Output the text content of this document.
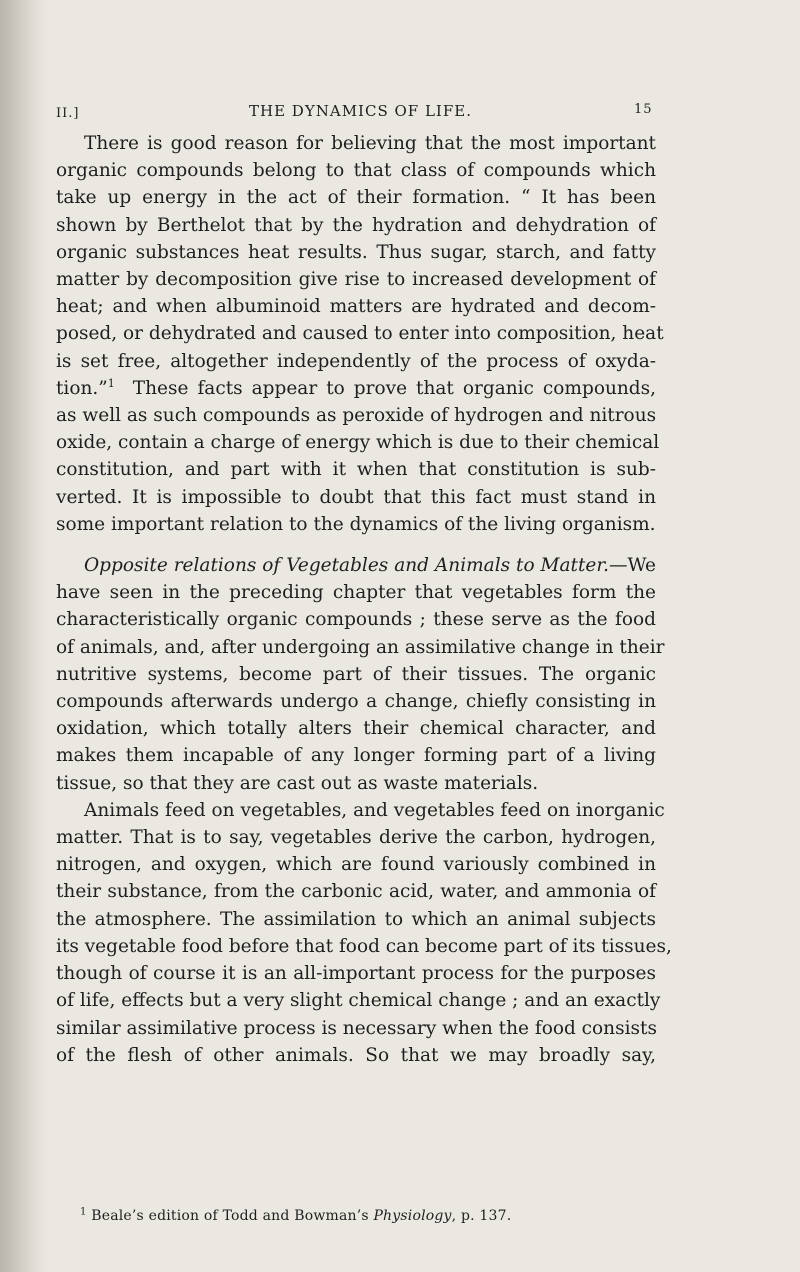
II.]	THE DYNAMICS OF LIFE.	15
There is good reason for believing that the most important
organic compounds belong to that class of compounds which
take up energy in the act of their formation. “ It has been
shown by Berthelot that by the hydration and dehydration of
organic substances heat results. Thus sugar, starch, and fatty
matter by decomposition give rise to increased development of
heat; and when albuminoid matters are hydrated and decom-
posed, or dehydrated and caused to enter into composition, heat
is set free, altogether independently of the process of oxyda-
tion.”$^1$ These facts appear to prove that organic compounds,
as well as such compounds as peroxide of hydrogen and nitrous
oxide, contain a charge of energy which is due to their chemical
constitution, and part with it when that constitution is sub-
verted. It is impossible to doubt that this fact must stand in
some important relation to the dynamics of the living organism.
Opposite relations of Vegetables and Animals to Matter.—We
have seen in the preceding chapter that vegetables form the
characteristically organic compounds ; these serve as the food
of animals, and, after undergoing an assimilative change in their
nutritive systems, become part of their tissues. The organic
compounds afterwards undergo a change, chiefly consisting in
oxidation, which totally alters their chemical character, and
makes them incapable of any longer forming part of a living
tissue, so that they are cast out as waste materials.
Animals feed on vegetables, and vegetables feed on inorganic
matter. That is to say, vegetables derive the carbon, hydrogen,
nitrogen, and oxygen, which are found variously combined in
their substance, from the carbonic acid, water, and ammonia of
the atmosphere. The assimilation to which an animal subjects
its vegetable food before that food can become part of its tissues,
though of course it is an all-important process for the purposes
of life, effects but a very slight chemical change ; and an exactly
similar assimilative process is necessary when the food consists
of the flesh of other animals. So that we may broadly say,
$^1$ Beale’s edition of Todd and Bowman’s Physiology, p. 137.
